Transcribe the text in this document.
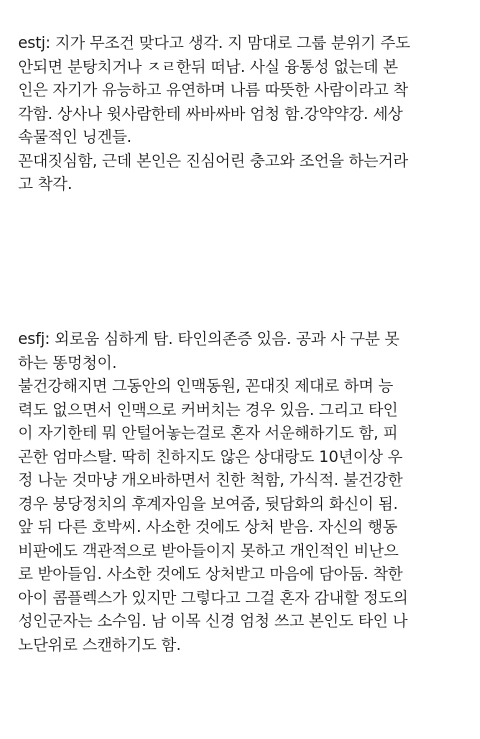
estj: 지가 무조건 맞다고 생각. 지 맘대로 그룹 분위기 주도
안되면 분탕치거나 ㅈㄹ한뒤 떠남. 사실 융통성 없는데 본
인은 자기가 유능하고 유연하며 나름 따뜻한 사람이라고 착
각함. 상사나 윗사람한테 싸바싸바 엄청 함.강약약강. 세상
속물적인 닝겐들.
꼰대짓심함, 근데 본인은 진심어린 충고와 조언을 하는거라
고 착각.
esfj: 외로움 심하게 탐. 타인의존증 있음. 공과 사 구분 못
하는 똥멍청이.
불건강해지면 그동안의 인맥동원, 꼰대짓 제대로 하며 능
력도 없으면서 인맥으로 커버치는 경우 있음. 그리고 타인
이 자기한테 뭐 안털어놓는걸로 혼자 서운해하기도 함, 피
곤한 엄마스탈. 딱히 친하지도 않은 상대랑도 10년이상 우
정 나눈 것마냥 개오바하면서 친한 척함, 가식적. 불건강한
경우 붕당정치의 후계자임을 보여줌, 뒷담화의 화신이 됨.
앞 뒤 다른 호박씨. 사소한 것에도 상처 받음. 자신의 행동
비판에도 객관적으로 받아들이지 못하고 개인적인 비난으
로 받아들임. 사소한 것에도 상처받고 마음에 담아둠. 착한
아이 콤플렉스가 있지만 그렇다고 그걸 혼자 감내할 정도의
성인군자는 소수임. 남 이목 신경 엄청 쓰고 본인도 타인 나
노단위로 스캔하기도 함.
